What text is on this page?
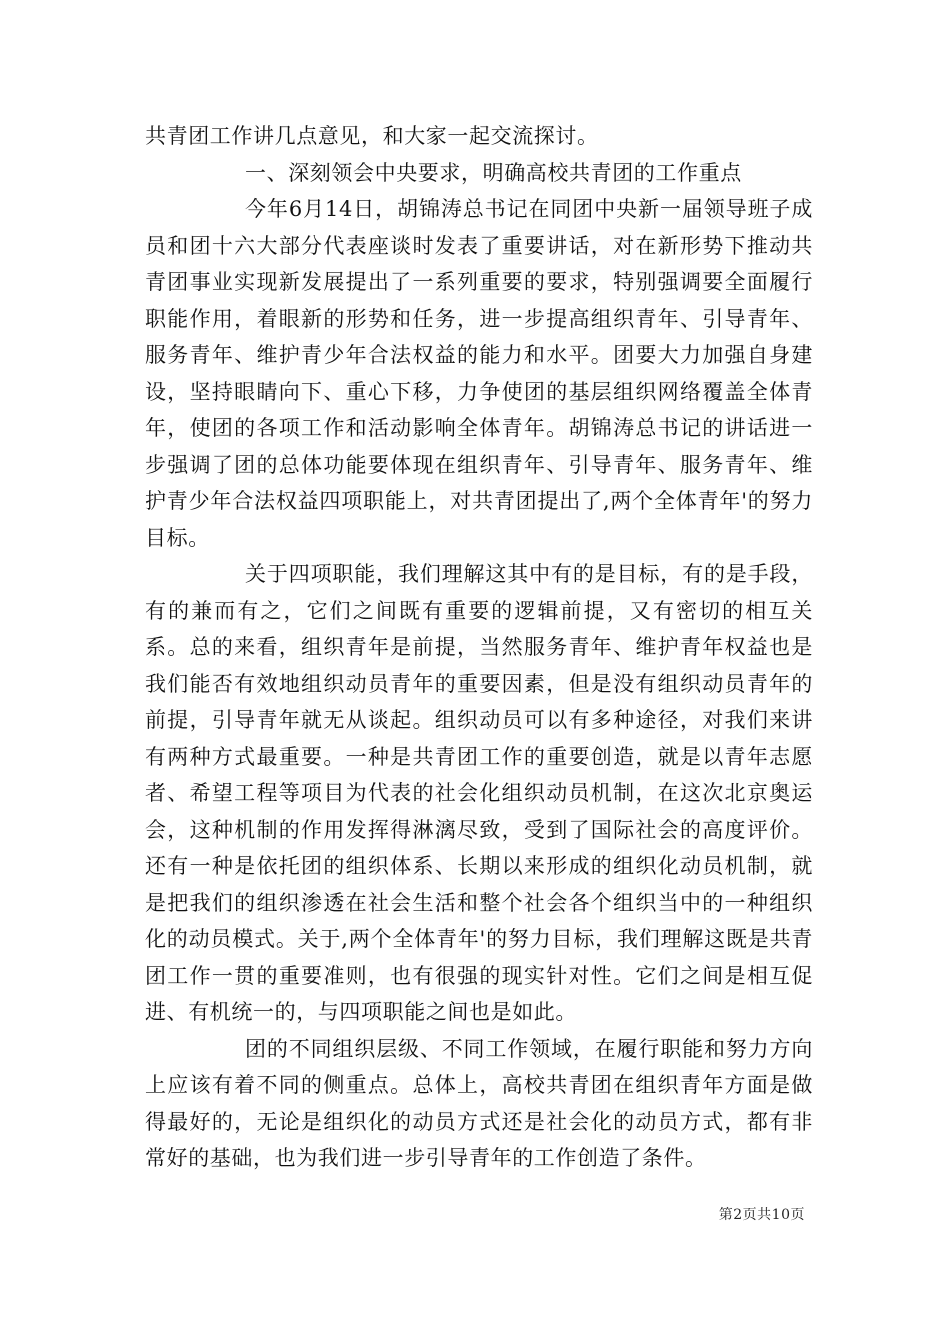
共青团工作讲几点意见，和大家一起交流探讨。

一、深刻领会中央要求，明确高校共青团的工作重点

今年6月14日，胡锦涛总书记在同团中央新一届领导班子成员和团十六大部分代表座谈时发表了重要讲话，对在新形势下推动共青团事业实现新发展提出了一系列重要的要求，特别强调要全面履行职能作用，着眼新的形势和任务，进一步提高组织青年、引导青年、服务青年、维护青少年合法权益的能力和水平。团要大力加强自身建设，坚持眼睛向下、重心下移，力争使团的基层组织网络覆盖全体青年，使团的各项工作和活动影响全体青年。胡锦涛总书记的讲话进一步强调了团的总体功能要体现在组织青年、引导青年、服务青年、维护青少年合法权益四项职能上，对共青团提出了,两个全体青年'的努力目标。

关于四项职能，我们理解这其中有的是目标，有的是手段，有的兼而有之，它们之间既有重要的逻辑前提，又有密切的相互关系。总的来看，组织青年是前提，当然服务青年、维护青年权益也是我们能否有效地组织动员青年的重要因素，但是没有组织动员青年的前提，引导青年就无从谈起。组织动员可以有多种途径，对我们来讲有两种方式最重要。一种是共青团工作的重要创造，就是以青年志愿者、希望工程等项目为代表的社会化组织动员机制，在这次北京奥运会，这种机制的作用发挥得淋漓尽致，受到了国际社会的高度评价。还有一种是依托团的组织体系、长期以来形成的组织化动员机制，就是把我们的组织渗透在社会生活和整个社会各个组织当中的一种组织化的动员模式。关于,两个全体青年'的努力目标，我们理解这既是共青团工作一贯的重要准则，也有很强的现实针对性。它们之间是相互促进、有机统一的，与四项职能之间也是如此。

团的不同组织层级、不同工作领域，在履行职能和努力方向上应该有着不同的侧重点。总体上，高校共青团在组织青年方面是做得最好的，无论是组织化的动员方式还是社会化的动员方式，都有非常好的基础，也为我们进一步引导青年的工作创造了条件。

第2页共10页
